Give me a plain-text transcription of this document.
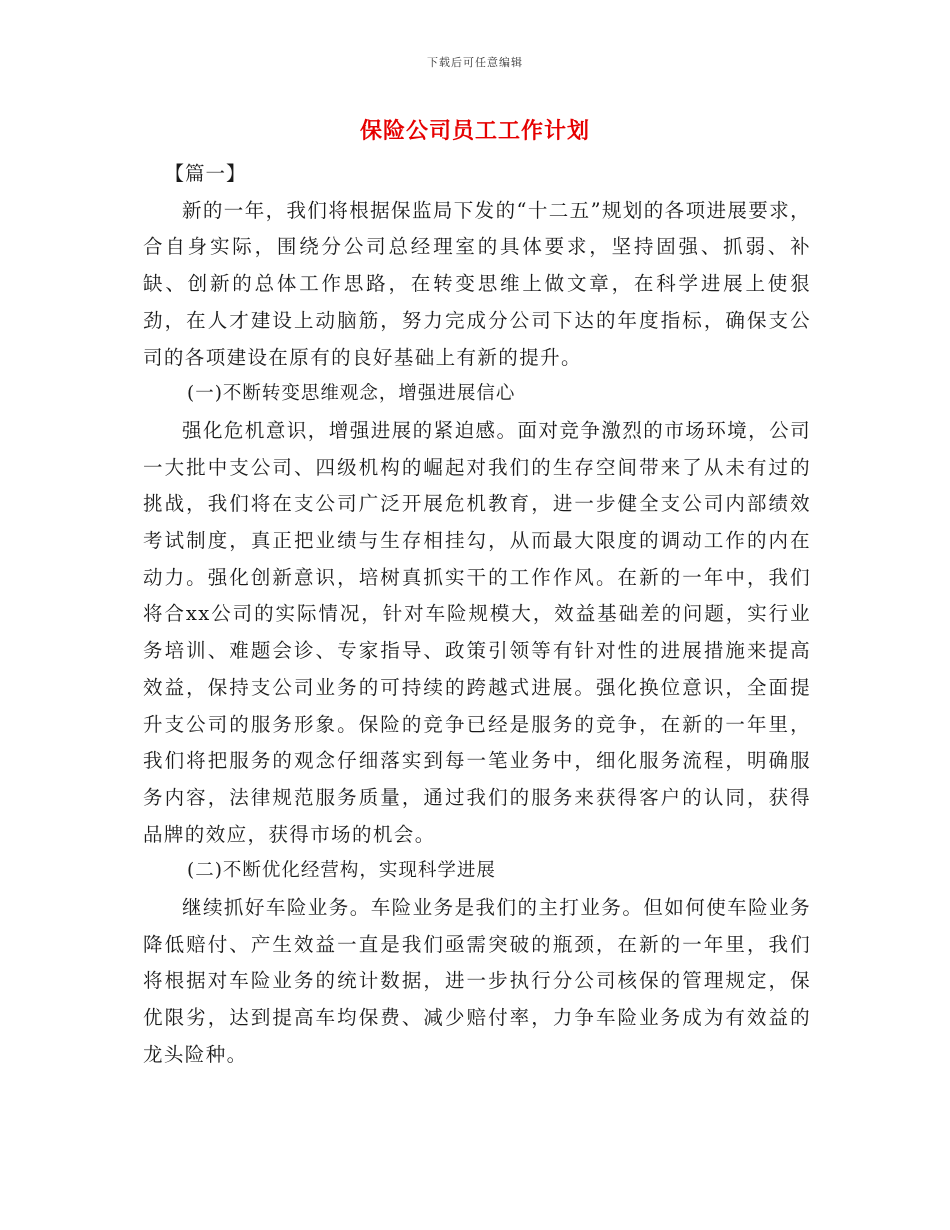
下载后可任意编辑
保险公司员工工作计划

【篇一】

新的一年，我们将根据保监局下发的“十二五”规划的各项进展要求，合自身实际，围绕分公司总经理室的具体要求，坚持固强、抓弱、补缺、创新的总体工作思路，在转变思维上做文章，在科学进展上使狠劲，在人才建设上动脑筋，努力完成分公司下达的年度指标，确保支公司的各项建设在原有的良好基础上有新的提升。

(一)不断转变思维观念，增强进展信心

强化危机意识，增强进展的紧迫感。面对竞争激烈的市场环境，公司一大批中支公司、四级机构的崛起对我们的生存空间带来了从未有过的挑战，我们将在支公司广泛开展危机教育，进一步健全支公司内部绩效考试制度，真正把业绩与生存相挂勾，从而最大限度的调动工作的内在动力。强化创新意识，培树真抓实干的工作作风。在新的一年中，我们将合xx公司的实际情况，针对车险规模大，效益基础差的问题，实行业务培训、难题会诊、专家指导、政策引领等有针对性的进展措施来提高效益，保持支公司业务的可持续的跨越式进展。强化换位意识，全面提升支公司的服务形象。保险的竞争已经是服务的竞争，在新的一年里，我们将把服务的观念仔细落实到每一笔业务中，细化服务流程，明确服务内容，法律规范服务质量，通过我们的服务来获得客户的认同，获得品牌的效应，获得市场的机会。

(二)不断优化经营构，实现科学进展

继续抓好车险业务。车险业务是我们的主打业务。但如何使车险业务降低赔付、产生效益一直是我们亟需突破的瓶颈，在新的一年里，我们将根据对车险业务的统计数据，进一步执行分公司核保的管理规定，保优限劣，达到提高车均保费、减少赔付率，力争车险业务成为有效益的龙头险种。
